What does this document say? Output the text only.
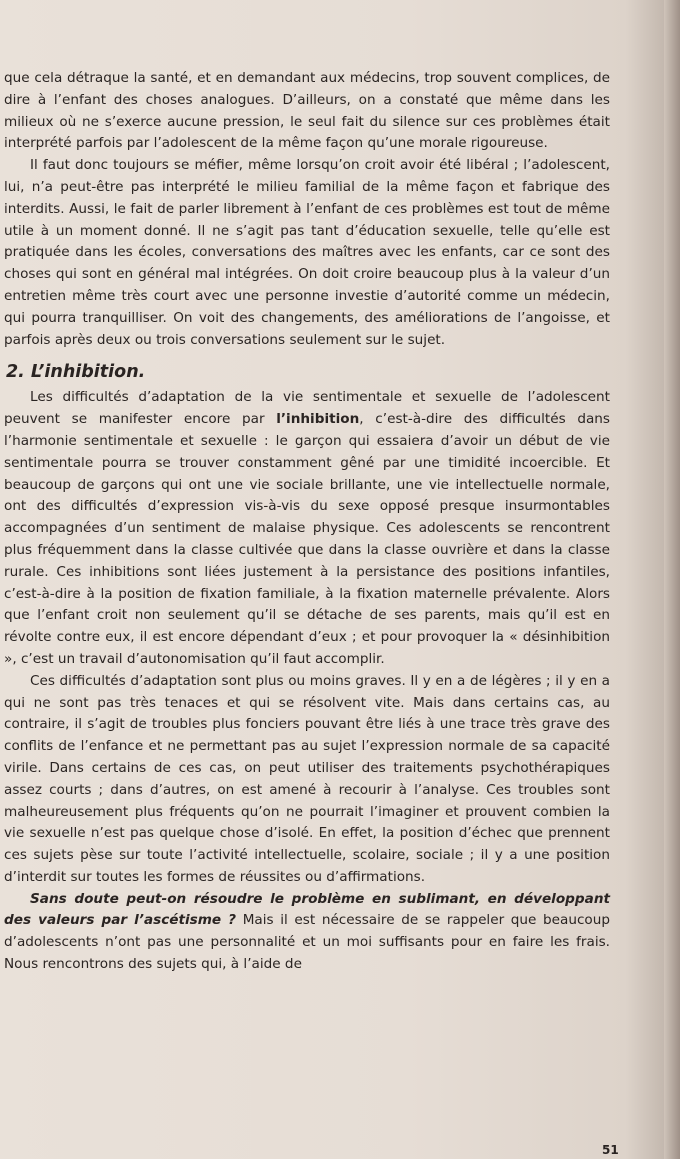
que cela détraque la santé, et en demandant aux médecins, trop souvent complices, de dire à l’enfant des choses analogues. D’ailleurs, on a constaté que même dans les milieux où ne s’exerce aucune pression, le seul fait du silence sur ces problèmes était interprété parfois par l’adolescent de la même façon qu’une morale rigoureuse.

Il faut donc toujours se méfier, même lorsqu’on croit avoir été libéral ; l’adolescent, lui, n’a peut-être pas interprété le milieu familial de la même façon et fabrique des interdits. Aussi, le fait de parler librement à l’enfant de ces problèmes est tout de même utile à un moment donné. Il ne s’agit pas tant d’éducation sexuelle, telle qu’elle est pratiquée dans les écoles, conversations des maîtres avec les enfants, car ce sont des choses qui sont en général mal intégrées. On doit croire beaucoup plus à la valeur d’un entretien même très court avec une personne investie d’autorité comme un médecin, qui pourra tranquilliser. On voit des changements, des améliorations de l’angoisse, et parfois après deux ou trois conversations seulement sur le sujet.

2. L’inhibition.

Les difficultés d’adaptation de la vie sentimentale et sexuelle de l’adolescent peuvent se manifester encore par l’inhibition, c’est-à-dire des difficultés dans l’harmonie sentimentale et sexuelle : le garçon qui essaiera d’avoir un début de vie sentimentale pourra se trouver constamment gêné par une timidité incoercible. Et beaucoup de garçons qui ont une vie sociale brillante, une vie intellectuelle normale, ont des difficultés d’expression vis-à-vis du sexe opposé presque insurmontables accompagnées d’un sentiment de malaise physique. Ces adolescents se rencontrent plus fréquemment dans la classe cultivée que dans la classe ouvrière et dans la classe rurale. Ces inhibitions sont liées justement à la persistance des positions infantiles, c’est-à-dire à la position de fixation familiale, à la fixation maternelle prévalente. Alors que l’enfant croit non seulement qu’il se détache de ses parents, mais qu’il est en révolte contre eux, il est encore dépendant d’eux ; et pour provoquer la « désinhibition », c’est un travail d’autonomisation qu’il faut accomplir.

Ces difficultés d’adaptation sont plus ou moins graves. Il y en a de légères ; il y en a qui ne sont pas très tenaces et qui se résolvent vite. Mais dans certains cas, au contraire, il s’agit de troubles plus fonciers pouvant être liés à une trace très grave des conflits de l’enfance et ne permettant pas au sujet l’expression normale de sa capacité virile. Dans certains de ces cas, on peut utiliser des traitements psychothérapiques assez courts ; dans d’autres, on est amené à recourir à l’analyse. Ces troubles sont malheureusement plus fréquents qu’on ne pourrait l’imaginer et prouvent combien la vie sexuelle n’est pas quelque chose d’isolé. En effet, la position d’échec que prennent ces sujets pèse sur toute l’activité intellectuelle, scolaire, sociale ; il y a une position d’interdit sur toutes les formes de réussites ou d’affirmations.

Sans doute peut-on résoudre le problème en sublimant, en développant des valeurs par l’ascétisme ? Mais il est nécessaire de se rappeler que beaucoup d’adolescents n’ont pas une personnalité et un moi suffisants pour en faire les frais. Nous rencontrons des sujets qui, à l’aide de

51
